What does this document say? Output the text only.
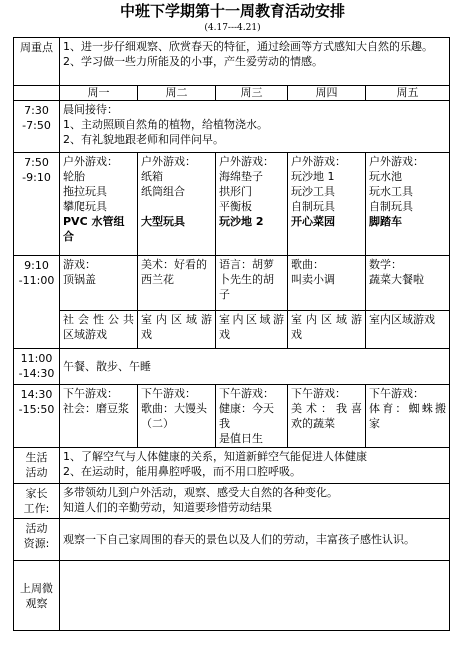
中班下学期第十一周教育活动安排
(4.17---4.21)
周重点	1、进一步仔细观察、欣赏春天的特征，通过绘画等方式感知大自然的乐趣。
2、学习做一些力所能及的小事，产生爱劳动的情感。				

	周一	周二	周三	周四	周五

7:30
-7:50	晨间接待：
1、主动照顾自然角的植物，给植物浇水。
2、有礼貌地跟老师和同伴问早。				

7:50
-9:10	户外游戏：
轮胎
拖拉玩具
攀爬玩具
PVC 水管组合	户外游戏：
纸箱
纸筒组合
大型玩具	户外游戏：
海绵垫子
拱形门
平衡板
玩沙地 2	户外游戏：
玩沙地 1
玩沙工具
自制玩具
开心菜园	户外游戏：
玩水池
玩水工具
自制玩具
脚踏车

9:10
-11:00	游戏：
顶锅盖	美术：好看的
西兰花	语言：胡萝
卜先生的胡
子	歌曲：
叫卖小调	数学：
蔬菜大餐啦

	社会性公共
区域游戏	室内区域游
戏	室内区域游
戏	室内区域游
戏	室内区域游戏

11:00
-14:30	午餐、散步、午睡				

14:30
-15:50	下午游戏：
社会：磨豆浆	下午游戏：
歌曲：大馒头
（二）	下午游戏：
健康：今天我
是值日生	下午游戏：
美术：我喜
欢的蔬菜	下午游戏：
体育：蜘蛛搬
家

生活
活动	1、了解空气与人体健康的关系，知道新鲜空气能促进人体健康
2、在运动时，能用鼻腔呼吸，而不用口腔呼吸。				

家长
工作:	多带领幼儿到户外活动，观察、感受大自然的各种变化。
知道人们的辛勤劳动，知道要珍惜劳动结果				

活动
资源:	观察一下自己家周围的春天的景色以及人们的劳动，丰富孩子感性认识。				

上周微
观察					
